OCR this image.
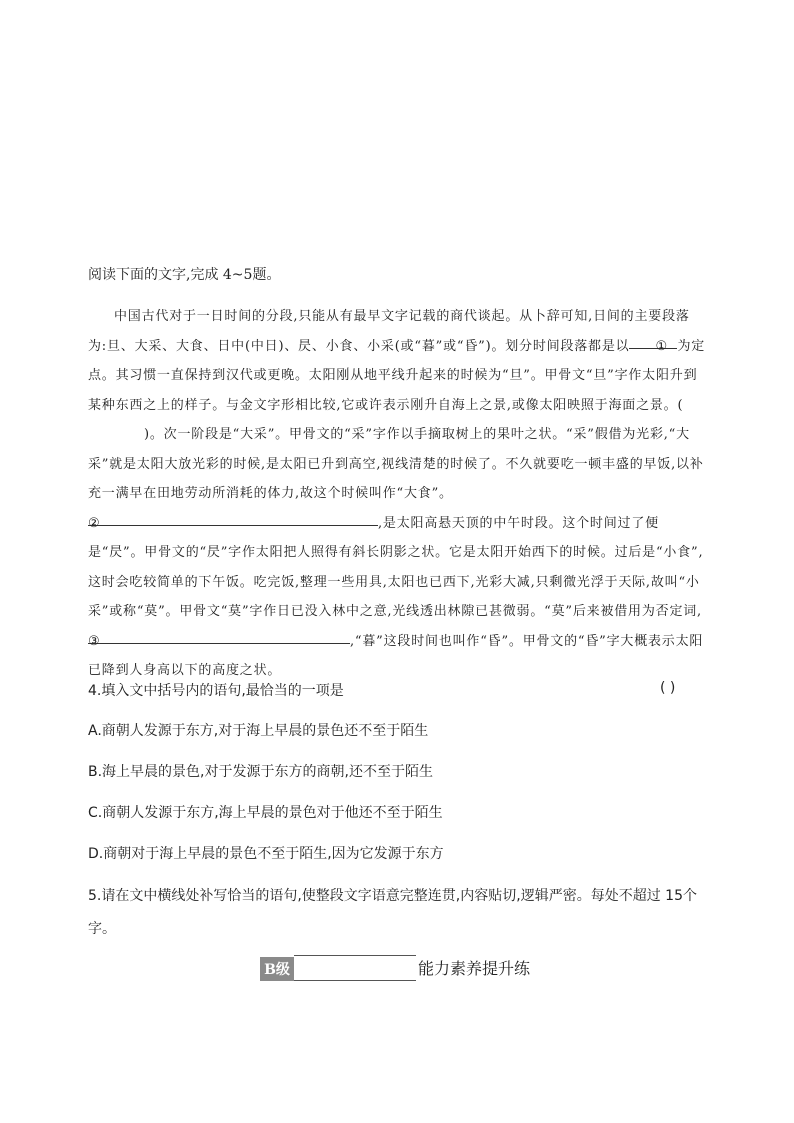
阅读下面的文字,完成 4~5题。

中国古代对于一日时间的分段,只能从有最早文字记载的商代谈起。从卜辞可知,日间的主要段落为:旦、大采、大食、日中(中日)、昃、小食、小采(或“暮”或“昏”)。划分时间段落都是以 ① 为定点。其习惯一直保持到汉代或更晚。太阳刚从地平线升起来的时候为“旦”。甲骨文“旦”字作太阳升到某种东西之上的样子。与金文字形相比较,它或许表示刚升自海上之景,或像太阳映照于海面之景。()。次一阶段是“大采”。甲骨文的“采”字作以手摘取树上的果叶之状。“采”假借为光彩,“大采”就是太阳大放光彩的时候,是太阳已升到高空,视线清楚的时候了。不久就要吃一顿丰盛的早饭,以补充一满早在田地劳动所消耗的体力,故这个时候叫作“大食”。

②	,是太阳高悬天顶的中午时段。这个时间过了便是“昃”。甲骨文的“昃”字作太阳把人照得有斜长阴影之状。它是太阳开始西下的时候。过后是“小食”,这时会吃较简单的下午饭。吃完饭,整理一些用具,太阳也已西下,光彩大减,只剩微光浮于天际,故叫“小采”或称“莫”。甲骨文“莫”字作日已没入林中之意,光线透出林隙已甚微弱。“莫”后来被借用为否定词,③	,“暮”这段时间也叫作“昏”。甲骨文的“昏”字大概表示太阳已降到人身高以下的高度之状。

4.填入文中括号内的语句,最恰当的一项是	( )
A.商朝人发源于东方,对于海上早晨的景色还不至于陌生
B.海上早晨的景色,对于发源于东方的商朝,还不至于陌生
C.商朝人发源于东方,海上早晨的景色对于他还不至于陌生
D.商朝对于海上早晨的景色不至于陌生,因为它发源于东方
5.请在文中横线处补写恰当的语句,使整段文字语意完整连贯,内容贴切,逻辑严密。每处不超过 15个字。
B级	能力素养提升练
